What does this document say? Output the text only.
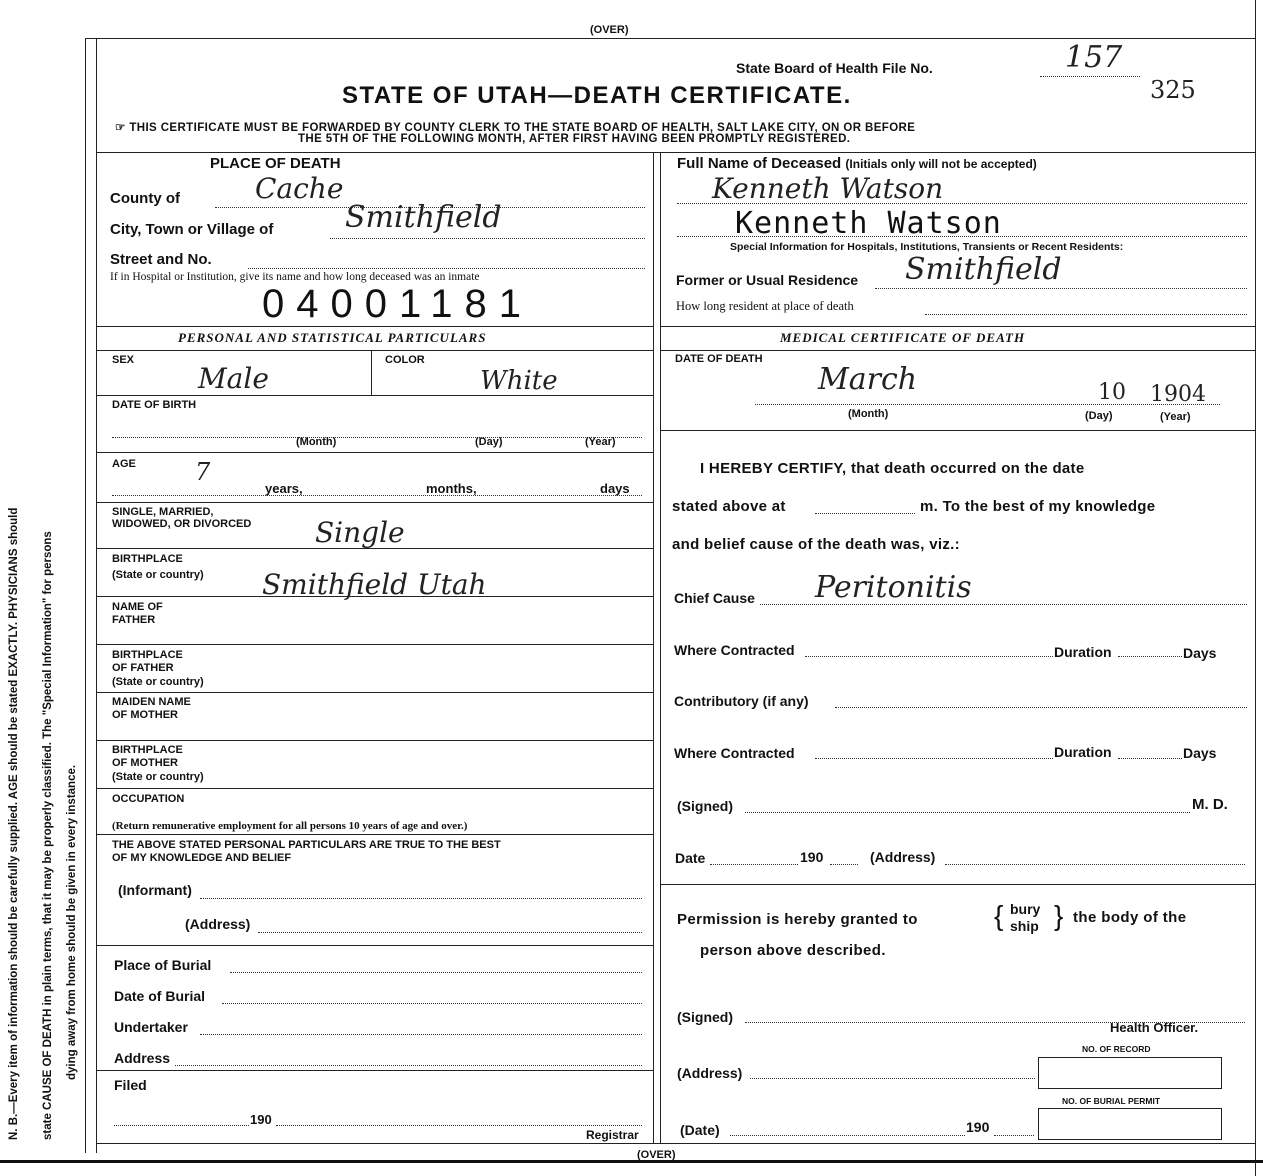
N. B.—Every item of information should be carefully supplied. AGE should be stated EXACTLY. PHYSICIANS should state CAUSE OF DEATH in plain terms, that it may be properly classified. The "Special Information" for persons dying away from home should be given in every instance.
(OVER)
(OVER)
State Board of Health File No.	157
325
STATE OF UTAH—DEATH CERTIFICATE.
☞ THIS CERTIFICATE MUST BE FORWARDED BY COUNTY CLERK TO THE STATE BOARD OF HEALTH, SALT LAKE CITY, ON OR BEFORE
THE 5TH OF THE FOLLOWING MONTH, AFTER FIRST HAVING BEEN PROMPTLY REGISTERED.
PLACE OF DEATH
County of	Cache
City, Town or Village of Smithfield
Street and No.
If in Hospital or Institution, give its name and how long deceased was an inmate
04001181
PERSONAL AND STATISTICAL PARTICULARS
SEX
Male
COLOR
White
DATE OF BIRTH
(Month)	(Day)	(Year)
AGE 7
years,	months,	days
SINGLE, MARRIED,
WIDOWED, OR DIVORCED Single
BIRTHPLACE
(State or country) Smithfield Utah
NAME OF
FATHER
BIRTHPLACE
OF FATHER
(State or country)
MAIDEN NAME
OF MOTHER
BIRTHPLACE
OF MOTHER
(State or country)
OCCUPATION
(Return remunerative employment for all persons 10 years of age and over.)
THE ABOVE STATED PERSONAL PARTICULARS ARE TRUE TO THE BEST
OF MY KNOWLEDGE AND BELIEF
(Informant)
(Address)
Place of Burial
Date of Burial
Undertaker
Address
Filed
190
Registrar
Full Name of Deceased (Initials only will not be accepted)
Kenneth Watson
Kenneth Watson
Special Information for Hospitals, Institutions, Transients or Recent Residents:
Former or Usual Residence Smithfield
How long resident at place of death
MEDICAL CERTIFICATE OF DEATH
DATE OF DEATH
March	10 1904
(Month)	(Day)	(Year)
I HEREBY CERTIFY, that death occurred on the date
stated above at	m. To the best of my knowledge
and belief cause of the death was, viz.:
Chief Cause Peritonitis
Where Contracted	Duration	Days
Contributory (if any)
Where Contracted	Duration	Days
(Signed)	M. D.
Date	190	(Address)
Permission is hereby granted to	{ bury
ship } the body of the
person above described.
(Signed)
Health Officer.
NO. OF RECORD
(Address)
NO. OF BURIAL PERMIT
(Date)	190
